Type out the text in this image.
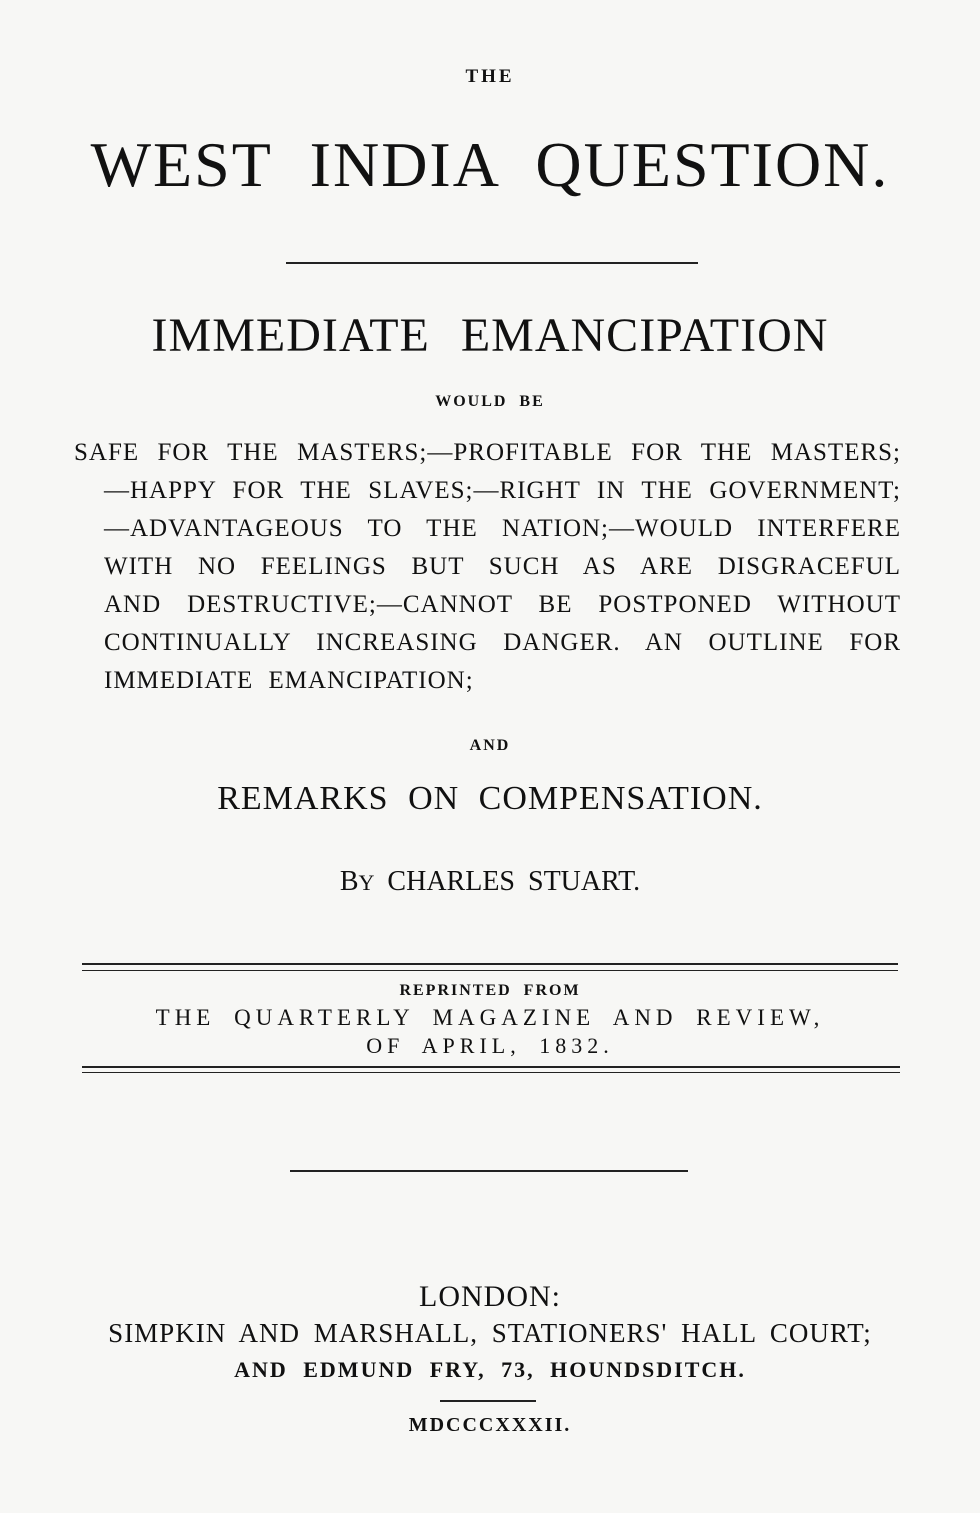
THE
WEST INDIA QUESTION.
IMMEDIATE EMANCIPATION
WOULD BE
SAFE FOR THE MASTERS;—PROFITABLE FOR THE MASTERS;—HAPPY FOR THE SLAVES;—RIGHT IN THE GOVERNMENT;—ADVANTAGEOUS TO THE NATION;—WOULD INTERFERE WITH NO FEELINGS BUT SUCH AS ARE DISGRACEFUL AND DESTRUCTIVE;—CANNOT BE POSTPONED WITHOUT CONTINUALLY INCREASING DANGER. AN OUTLINE FOR IMMEDIATE EMANCIPATION;
AND
REMARKS ON COMPENSATION.
BY CHARLES STUART.
REPRINTED FROM
THE QUARTERLY MAGAZINE AND REVIEW,
OF APRIL, 1832.
LONDON:
SIMPKIN AND MARSHALL, STATIONERS' HALL COURT;
AND EDMUND FRY, 73, HOUNDSDITCH.
MDCCCXXXII.
